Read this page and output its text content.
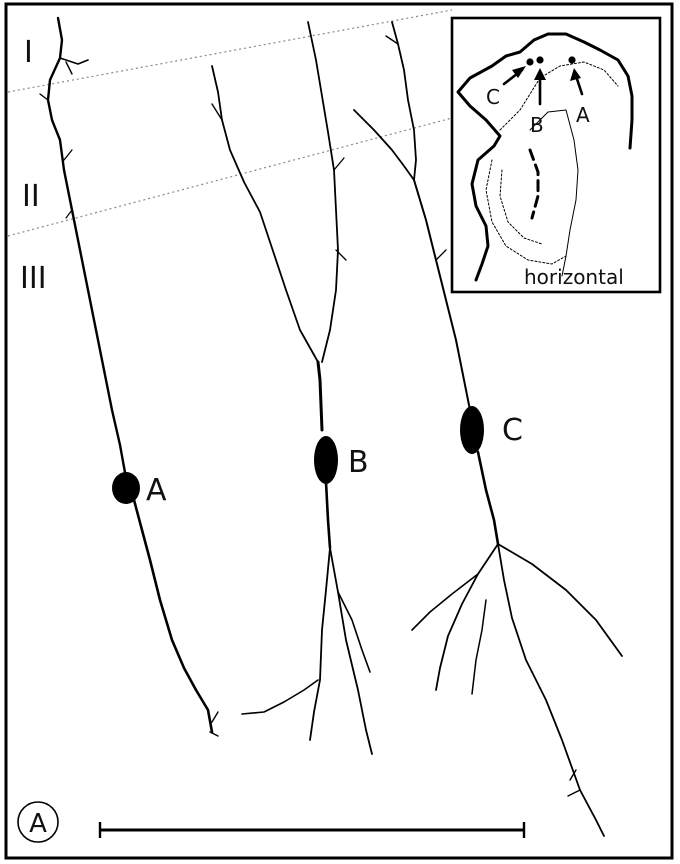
I
II
III
A
B
C
C
B A
horizontal
A
